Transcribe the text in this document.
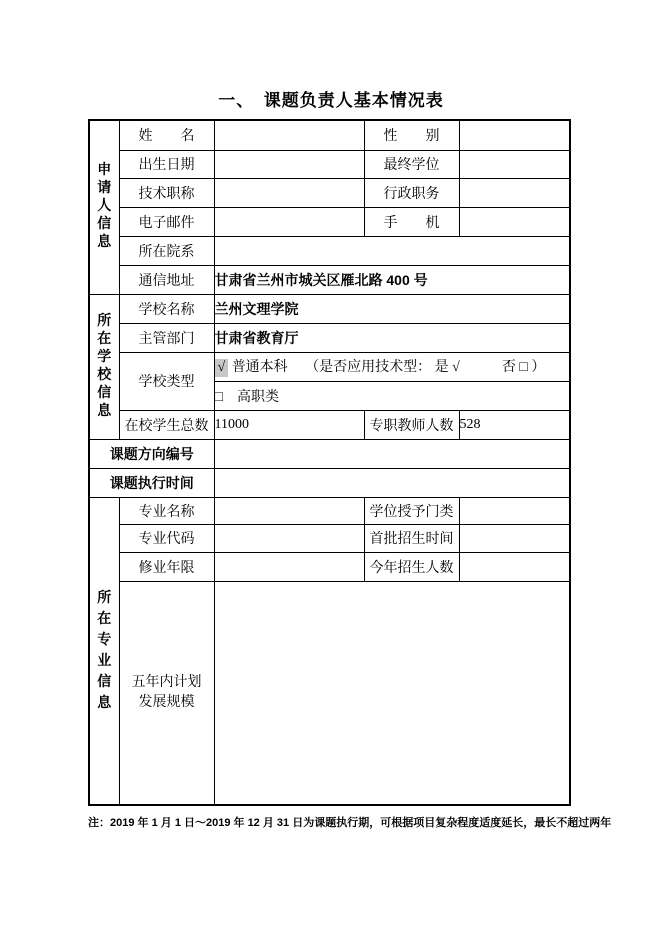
一、　课题负责人基本情况表
申请人信息	姓　　名		性　　别	
	出生日期		最终学位	
	技术职称		行政职务	
	电子邮件		手　　机	
	所在院系			
	通信地址	甘肃省兰州市城关区雁北路 400 号		

所在学校信息	学校名称	兰州文理学院		
	主管部门	甘肃省教育厅		
	学校类型	√ 普通本科　 （是否应用技术型： 是 √　　　否 □ ）		
		□　高职类		
	在校学生总数	11000	专职教师人数	528
课题方向编号				
课题执行时间				

所在专业信息	专业名称		学位授予门类	
	专业代码		首批招生时间	
	修业年限		今年招生人数	

	五年内计划
发展规模			

注：2019 年 1 月 1 日～2019 年 12 月 31 日为课题执行期，可根据项目复杂程度适度延长，最长不超过两年
